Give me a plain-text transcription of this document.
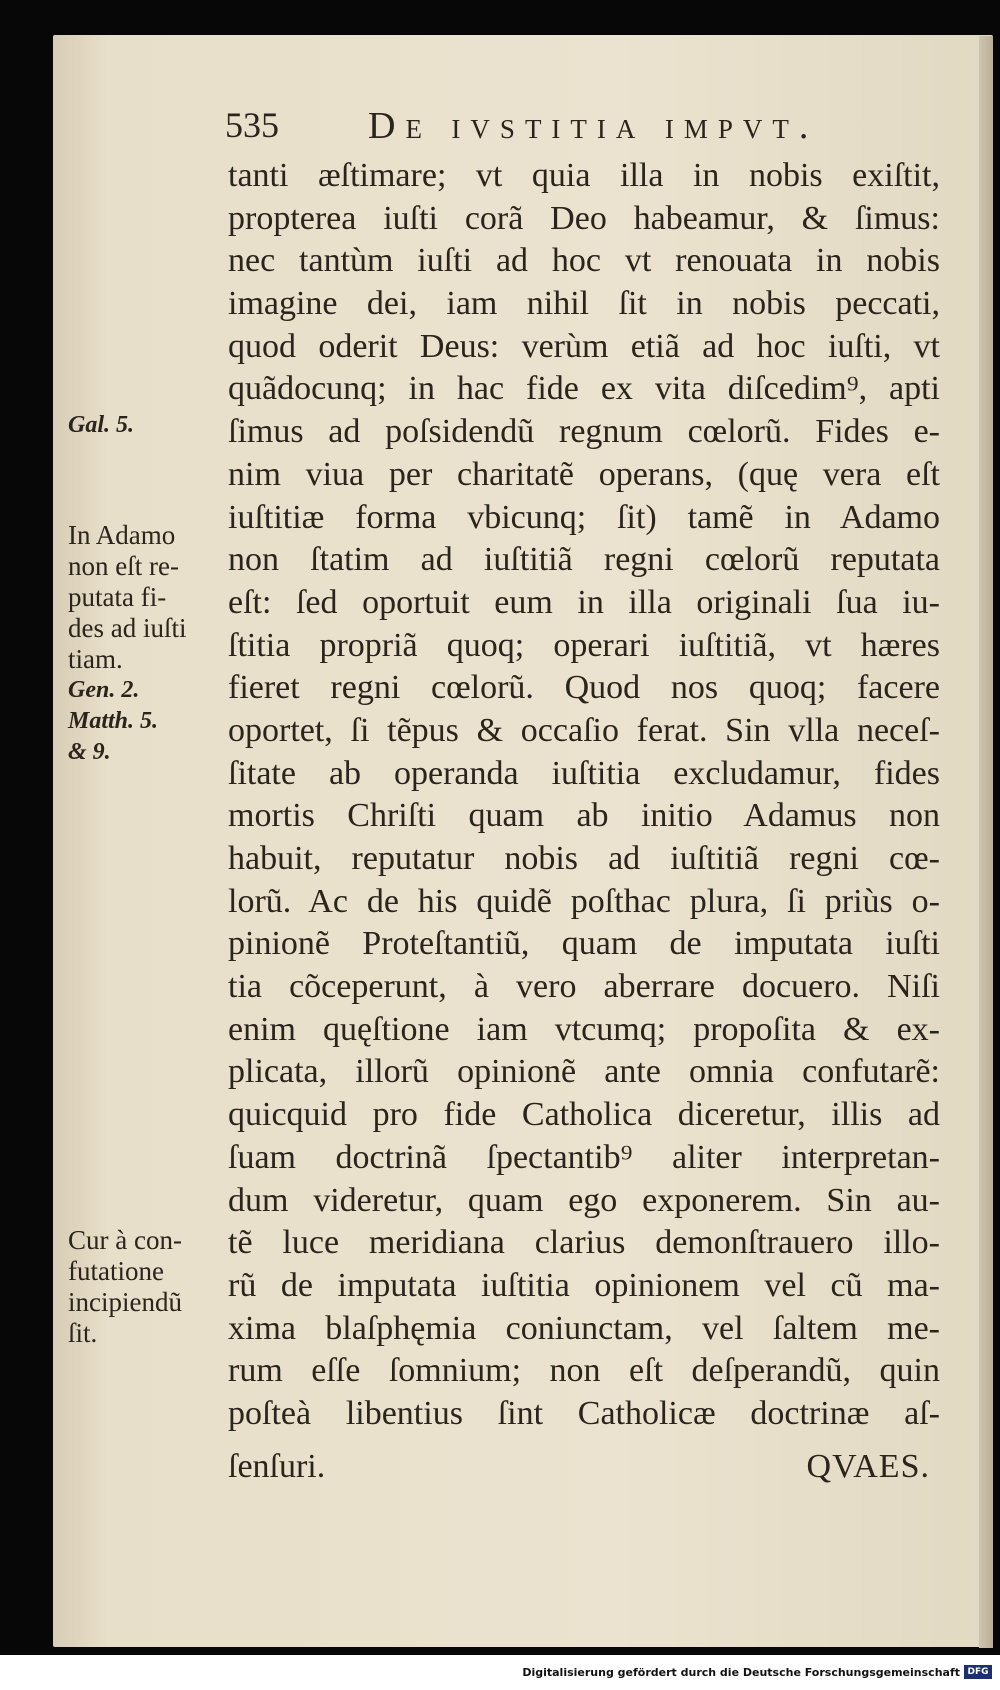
535 De ivstitia impvt.
tanti æſtimare; vt quia illa in nobis exiſtit,
propterea iuſti corã Deo habeamur, & ſimus:
nec tantùm iuſti ad hoc vt renouata in nobis
imagine dei, iam nihil ſit in nobis peccati,
quod oderit Deus: verùm etiã ad hoc iuſti, vt
quãdocunq; in hac fide ex vita diſcedim⁹, apti
ſimus ad poſsidendũ regnum cœlorũ. Fides e-
nim viua per charitatẽ operans, (quę vera eſt
iuſtitiæ forma vbicunq; ſit) tamẽ in Adamo
non ſtatim ad iuſtitiã regni cœlorũ reputata
eſt: ſed oportuit eum in illa originali ſua iu-
ſtitia propriã quoq; operari iuſtitiã, vt hæres
fieret regni cœlorũ. Quod nos quoq; facere
oportet, ſi tẽpus & occaſio ferat. Sin vlla neceſ-
ſitate ab operanda iuſtitia excludamur, fides
mortis Chriſti quam ab initio Adamus non
habuit, reputatur nobis ad iuſtitiã regni cœ-
lorũ. Ac de his quidẽ poſthac plura, ſi priùs o-
pinionẽ Proteſtantiũ, quam de imputata iuſti
tia cõceperunt, à vero aberrare docuero. Niſi
enim quęſtione iam vtcumq; propoſita & ex-
plicata, illorũ opinionẽ ante omnia confutarẽ:
quicquid pro fide Catholica diceretur, illis ad
ſuam doctrinã ſpectantib⁹ aliter interpretan-
dum videretur, quam ego exponerem. Sin au-
tẽ luce meridiana clarius demonſtrauero illo-
rũ de imputata iuſtitia opinionem vel cũ ma-
xima blaſphęmia coniunctam, vel ſaltem me-
rum eſſe ſomnium; non eſt deſperandũ, quin
poſteà libentius ſint Catholicæ doctrinæ aſ-
ſenſuri.	QVAES.
Gal. 5.
In Adamo
non eſt re-
putata fi-
des ad iuſti
tiam.
Gen. 2.
Matth. 5.
& 9.
Cur à con-
futatione
incipiendũ
ſit.
Digitalisierung gefördert durch die Deutsche Forschungsgemeinschaft DFG
